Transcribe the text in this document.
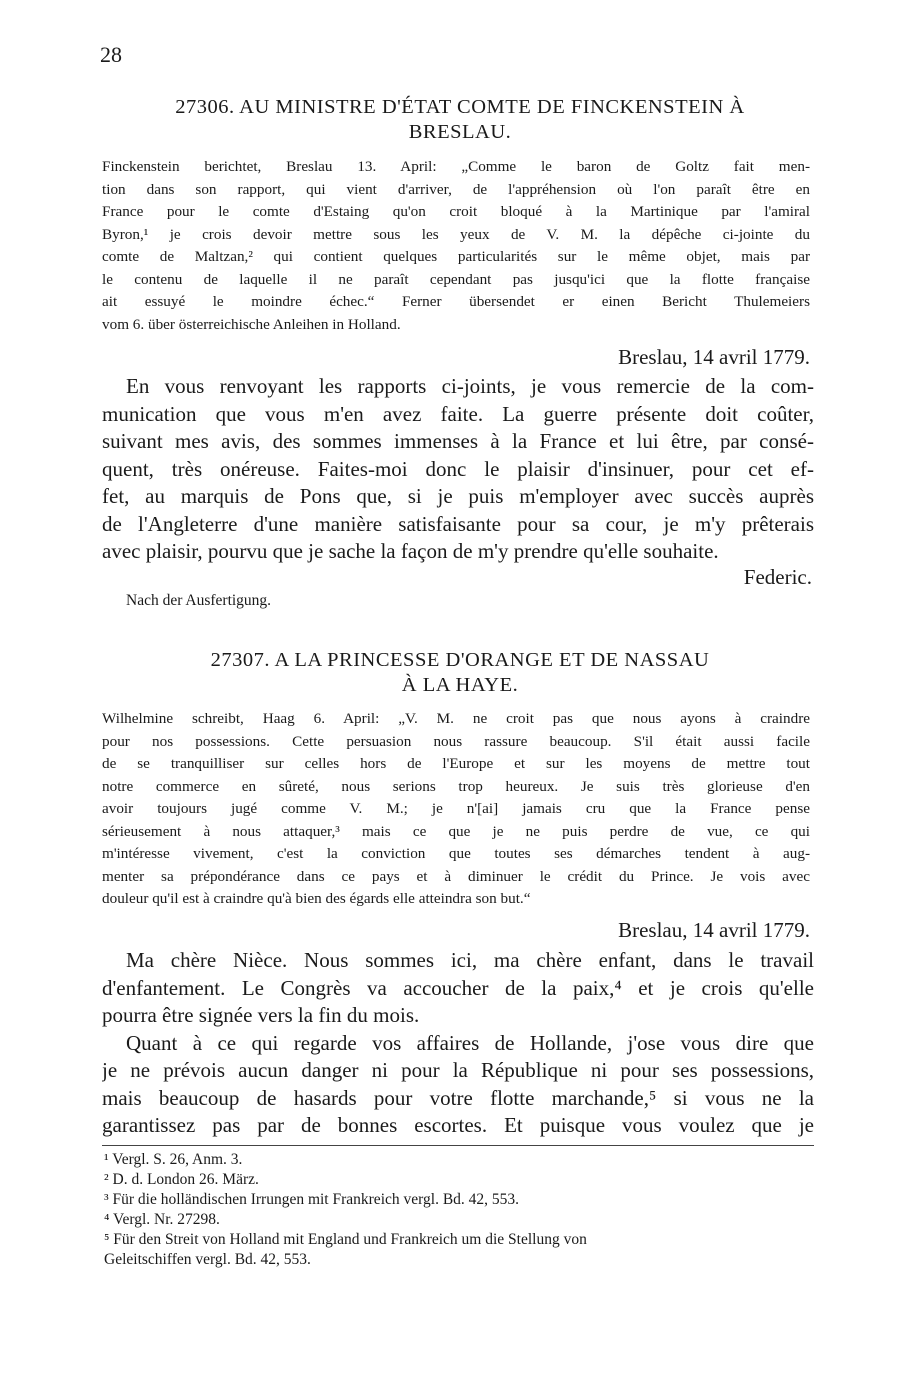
28
27306. AU MINISTRE D'ÉTAT COMTE DE FINCKENSTEIN À
BRESLAU.
Finckenstein berichtet, Breslau 13. April: „Comme le baron de Goltz fait men-
tion dans son rapport, qui vient d'arriver, de l'appréhension où l'on paraît être en
France pour le comte d'Estaing qu'on croit bloqué à la Martinique par l'amiral
Byron,¹ je crois devoir mettre sous les yeux de V. M. la dépêche ci-jointe du
comte de Maltzan,² qui contient quelques particularités sur le même objet, mais par
le contenu de laquelle il ne paraît cependant pas jusqu'ici que la flotte française
ait essuyé le moindre échec.“ Ferner übersendet er einen Bericht Thulemeiers
vom 6. über österreichische Anleihen in Holland.
Breslau, 14 avril 1779.
En vous renvoyant les rapports ci-joints, je vous remercie de la com-
munication que vous m'en avez faite. La guerre présente doit coûter,
suivant mes avis, des sommes immenses à la France et lui être, par consé-
quent, très onéreuse. Faites-moi donc le plaisir d'insinuer, pour cet ef-
fet, au marquis de Pons que, si je puis m'employer avec succès auprès
de l'Angleterre d'une manière satisfaisante pour sa cour, je m'y prêterais
avec plaisir, pourvu que je sache la façon de m'y prendre qu'elle souhaite.
Federic.
Nach der Ausfertigung.
27307. A LA PRINCESSE D'ORANGE ET DE NASSAU
À LA HAYE.
Wilhelmine schreibt, Haag 6. April: „V. M. ne croit pas que nous ayons à craindre
pour nos possessions. Cette persuasion nous rassure beaucoup. S'il était aussi facile
de se tranquilliser sur celles hors de l'Europe et sur les moyens de mettre tout
notre commerce en sûreté, nous serions trop heureux. Je suis très glorieuse d'en
avoir toujours jugé comme V. M.; je n'[ai] jamais cru que la France pense
sérieusement à nous attaquer,³ mais ce que je ne puis perdre de vue, ce qui
m'intéresse vivement, c'est la conviction que toutes ses démarches tendent à aug-
menter sa prépondérance dans ce pays et à diminuer le crédit du Prince. Je vois avec
douleur qu'il est à craindre qu'à bien des égards elle atteindra son but.“
Breslau, 14 avril 1779.
Ma chère Nièce. Nous sommes ici, ma chère enfant, dans le travail
d'enfantement. Le Congrès va accoucher de la paix,⁴ et je crois qu'elle
pourra être signée vers la fin du mois.
Quant à ce qui regarde vos affaires de Hollande, j'ose vous dire que
je ne prévois aucun danger ni pour la République ni pour ses possessions,
mais beaucoup de hasards pour votre flotte marchande,⁵ si vous ne la
garantissez pas par de bonnes escortes. Et puisque vous voulez que je
¹ Vergl. S. 26, Anm. 3.
² D. d. London 26. März.
³ Für die holländischen Irrungen mit Frankreich vergl. Bd. 42, 553.
⁴ Vergl. Nr. 27298.
⁵ Für den Streit von Holland mit England und Frankreich um die Stellung von
Geleitschiffen vergl. Bd. 42, 553.
